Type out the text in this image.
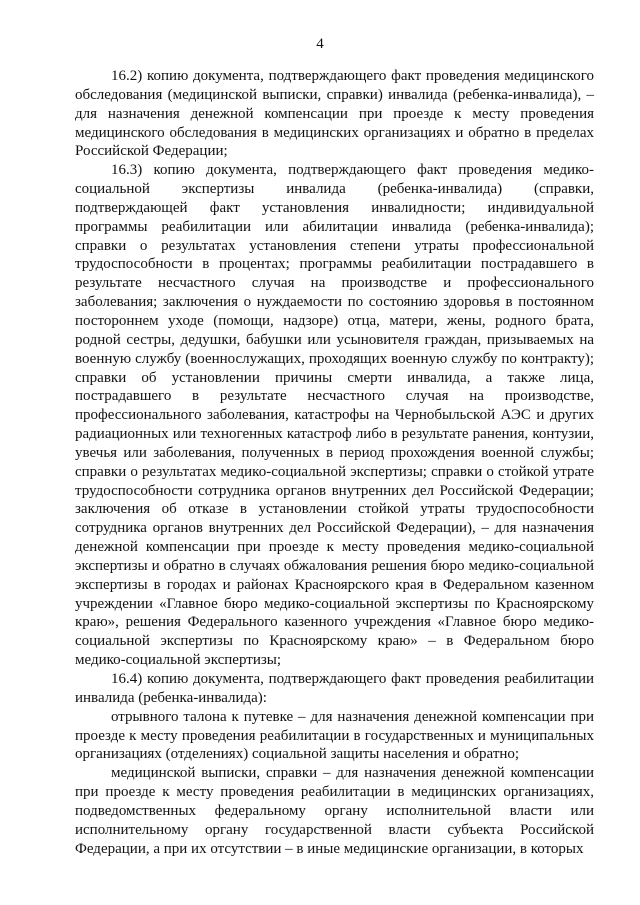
4

16.2) копию документа, подтверждающего факт проведения медицинского обследования (медицинской выписки, справки) инвалида (ребенка-инвалида), – для назначения денежной компенсации при проезде к месту проведения медицинского обследования в медицинских организациях и обратно в пределах Российской Федерации;

16.3) копию документа, подтверждающего факт проведения медико-социальной экспертизы инвалида (ребенка-инвалида) (справки, подтверждающей факт установления инвалидности; индивидуальной программы реабилитации или абилитации инвалида (ребенка-инвалида); справки о результатах установления степени утраты профессиональной трудоспособности в процентах; программы реабилитации пострадавшего в результате несчастного случая на производстве и профессионального заболевания; заключения о нуждаемости по состоянию здоровья в постоянном постороннем уходе (помощи, надзоре) отца, матери, жены, родного брата, родной сестры, дедушки, бабушки или усыновителя граждан, призываемых на военную службу (военнослужащих, проходящих военную службу по контракту); справки об установлении причины смерти инвалида, а также лица, пострадавшего в результате несчастного случая на производстве, профессионального заболевания, катастрофы на Чернобыльской АЭС и других радиационных или техногенных катастроф либо в результате ранения, контузии, увечья или заболевания, полученных в период прохождения военной службы; справки о результатах медико-социальной экспертизы; справки о стойкой утрате трудоспособности сотрудника органов внутренних дел Российской Федерации; заключения об отказе в установлении стойкой утраты трудоспособности сотрудника органов внутренних дел Российской Федерации), – для назначения денежной компенсации при проезде к месту проведения медико-социальной экспертизы и обратно в случаях обжалования решения бюро медико-социальной экспертизы в городах и районах Красноярского края в Федеральном казенном учреждении «Главное бюро медико-социальной экспертизы по Красноярскому краю», решения Федерального казенного учреждения «Главное бюро медико-социальной экспертизы по Красноярскому краю» – в Федеральном бюро медико-социальной экспертизы;

16.4) копию документа, подтверждающего факт проведения реабилитации инвалида (ребенка-инвалида):

отрывного талона к путевке – для назначения денежной компенсации при проезде к месту проведения реабилитации в государственных и муниципальных организациях (отделениях) социальной защиты населения и обратно;

медицинской выписки, справки – для назначения денежной компенсации при проезде к месту проведения реабилитации в медицинских организациях, подведомственных федеральному органу исполнительной власти или исполнительному органу государственной власти субъекта Российской Федерации, а при их отсутствии – в иные медицинские организации, в которых
